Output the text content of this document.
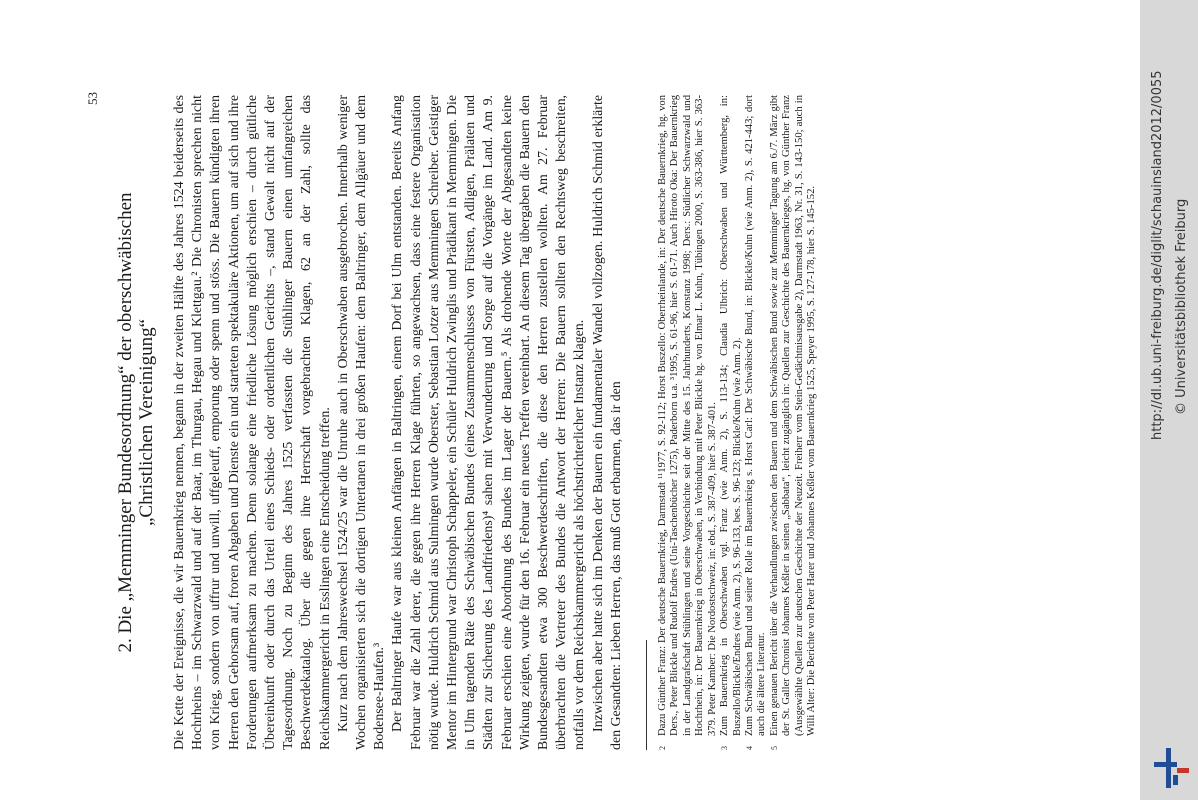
53
2. Die „Memminger Bundesordnung“ der oberschwäbischen „Christlichen Vereinigung“ Die Kette der Ereignisse, die wir Bauernkrieg nennen, begann in der zweiten Hälfte des Jahres 1524 beiderseits des Hochrheins – im Schwarzwald und auf der Baar, im Thurgau, Hegau und Klettgau.² Die Chronisten sprechen nicht von Krieg, sondern von uffrur und unwill, uffgeleuff, emporung oder spenn und stöss. Die Bauern kündigten ihren Herren den Gehorsam auf, froren Abgaben und Dienste ein und starteten spektakuläre Aktionen, um auf sich und ihre Forderungen aufmerksam zu machen. Denn solange eine friedliche Lösung möglich erschien – durch gütliche Übereinkunft oder durch das Urteil eines Schieds- oder ordentlichen Gerichts –, stand Gewalt nicht auf der Tagesordnung. Noch zu Beginn des Jahres 1525 verfassten die Stühlinger Bauern einen umfangreichen Beschwerdekatalog. Über die gegen ihre Herrschaft vorgebrachten Klagen, 62 an der Zahl, sollte das Reichskammergericht in Esslingen eine Entscheidung treffen. Kurz nach dem Jahreswechsel 1524/25 war die Unruhe auch in Oberschwaben ausgebrochen. Innerhalb weniger Wochen organisierten sich die dortigen Untertanen in drei großen Haufen: dem Baltringer, dem Allgäuer und dem Bodensee-Haufen.³ Der Baltringer Haufe war aus kleinen Anfängen in Baltringen, einem Dorf bei Ulm entstanden. Bereits Anfang Februar war die Zahl derer, die gegen ihre Herren Klage führten, so angewachsen, dass eine festere Organisation nötig wurde. Huldrich Schmid aus Sulmingen wurde Oberster, Sebastian Lotzer aus Memmingen Schreiber. Geistiger Mentor im Hintergrund war Christoph Schappeler, ein Schüler Huldrich Zwinglis und Prädikant in Memmingen. Die in Ulm tagenden Räte des Schwäbischen Bundes (eines Zusammenschlusses von Fürsten, Adligen, Prälaten und Städten zur Sicherung des Landfriedens)⁴ sahen mit Verwunderung und Sorge auf die Vorgänge im Land. Am 9. Februar erschien eine Abordnung des Bundes im Lager der Bauern.⁵ Als drohende Worte der Abgesandten keine Wirkung zeigten, wurde für den 16. Februar ein neues Treffen vereinbart. An diesem Tag übergaben die Bauern den Bundesgesandten etwa 300 Beschwerdeschriften, die diese den Herren zustellen wollten. Am 27. Februar überbrachten die Vertreter des Bundes die Antwort der Herren: Die Bauern sollten den Rechtsweg beschreiten, notfalls vor dem Reichskammergericht als höchstrichterlicher Instanz klagen. Inzwischen aber hatte sich im Denken der Bauern ein fundamentaler Wandel vollzogen. Huldrich Schmid erklärte den Gesandten: Lieben Herren, das muß Gott erbarmen, das ir den	2Dazu Günther Franz: Der deutsche Bauernkrieg, Darmstadt ¹¹1977, S. 92-112; Horst Buszello: Oberrheinlande, in: Der deutsche Bauernkrieg, hg. von Ders., Peter Blickle und Rudolf Endres (Uni-Taschenbücher 1275), Paderborn u.a. ³1995, S. 61-96, hier S. 61-71. Auch Hiroto Oka: Der Bauernkrieg in der Landgrafschaft Stühlingen und seine Vorgeschichte seit der Mitte des 15. Jahrhunderts, Konstanz 1998; Ders.: Südlicher Schwarzwald und Hochrhein, in: Der Bauernkrieg in Oberschwaben, in Verbindung mit Peter Blickle hg. von Elmar L. Kuhn, Tübingen 2000, S. 363-386, hier S. 363-379. Peter Kamber: Die Nordostschweiz, in: ebd., S. 387-409, hier S. 387-401.

3Zum Bauernkrieg in Oberschwaben vgl. Franz (wie Anm. 2), S. 113-134; Claudia Ulbrich: Oberschwaben und Württemberg, in: Buszello/Blickle/Endres (wie Anm. 2), S. 96-133, bes. S. 96-123; Blickle/Kuhn (wie Anm. 2).

4Zum Schwäbischen Bund und seiner Rolle im Bauernkrieg s. Horst Carl: Der Schwäbische Bund, in: Blickle/Kuhn (wie Anm. 2), S. 421-443; dort auch die ältere Literatur.

5Einen genauen Bericht über die Verhandlungen zwischen den Bauern und dem Schwäbischen Bund sowie zur Memminger Tagung am 6./7. März gibt der St. Galler Chronist Johannes Keßler in seinen „Sabbata“, leicht zugänglich in: Quellen zur Geschichte des Bauernkrieges, hg. von Günther Franz (Ausgewählte Quellen zur deutschen Geschichte der Neuzeit. Freiherr vom Stein-Gedächtnisausgabe 2), Darmstadt 1963, Nr. 31, S. 143-150; auch in Willi Alter: Die Berichte von Peter Harer und Johannes Keßler vom Bauernkrieg 1525, Speyer 1995, S. 127-178, hier S. 145-152.	http://dl.ub.uni-freiburg.de/diglit/schauinsland2012/0055 © Universitätsbibliothek Freiburg
